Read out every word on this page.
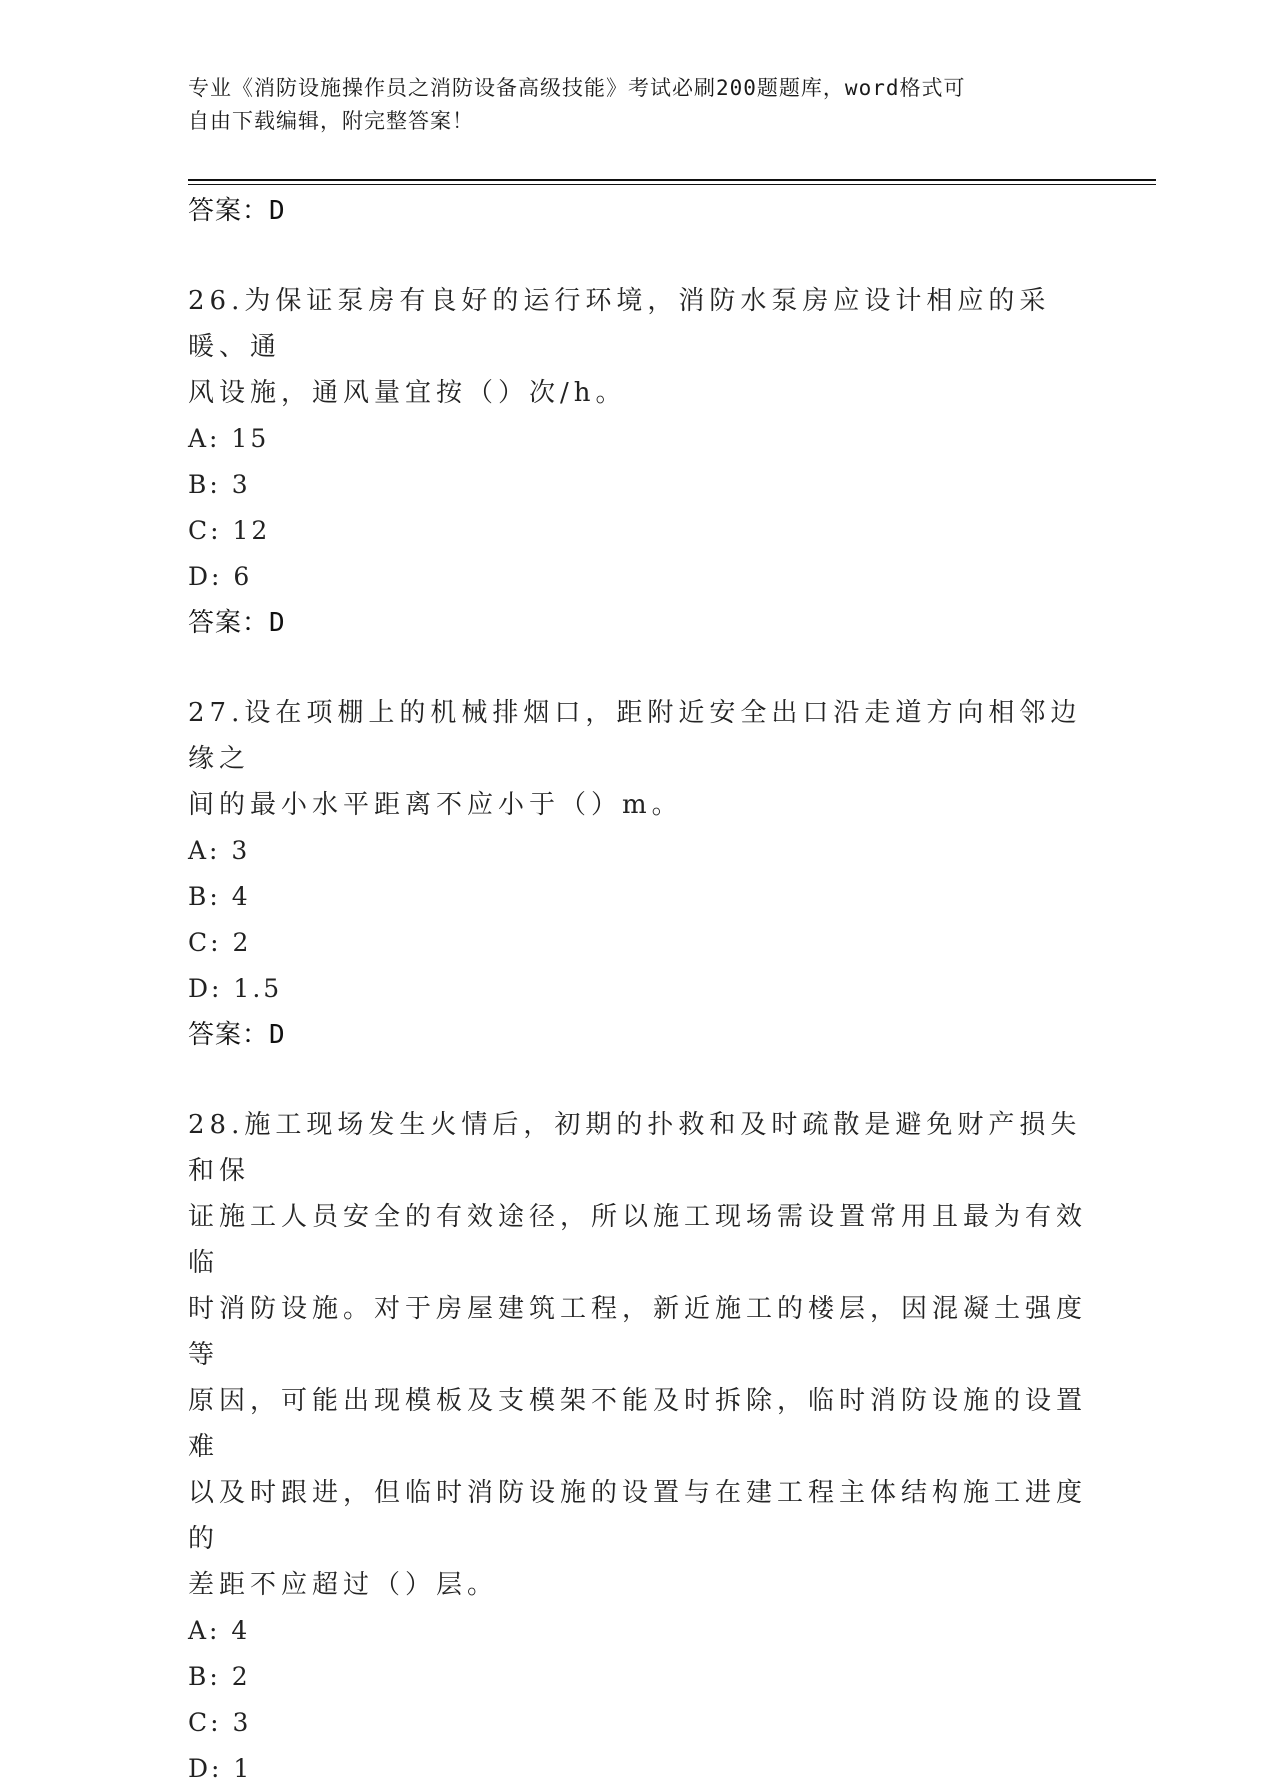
专业《消防设施操作员之消防设备高级技能》考试必刷200题题库，word格式可
自由下载编辑，附完整答案！
答案：D
26.为保证泵房有良好的运行环境，消防水泵房应设计相应的采暖、通
风设施，通风量宜按（）次/h。
A: 15
B: 3
C: 12
D: 6
答案：D
27.设在项棚上的机械排烟口，距附近安全出口沿走道方向相邻边缘之
间的最小水平距离不应小于（）m。
A: 3
B: 4
C: 2
D: 1.5
答案：D
28.施工现场发生火情后，初期的扑救和及时疏散是避免财产损失和保
证施工人员安全的有效途径，所以施工现场需设置常用且最为有效临
时消防设施。对于房屋建筑工程，新近施工的楼层，因混凝土强度等
原因，可能出现模板及支模架不能及时拆除，临时消防设施的设置难
以及时跟进，但临时消防设施的设置与在建工程主体结构施工进度的
差距不应超过（）层。
A: 4
B: 2
C: 3
D: 1
